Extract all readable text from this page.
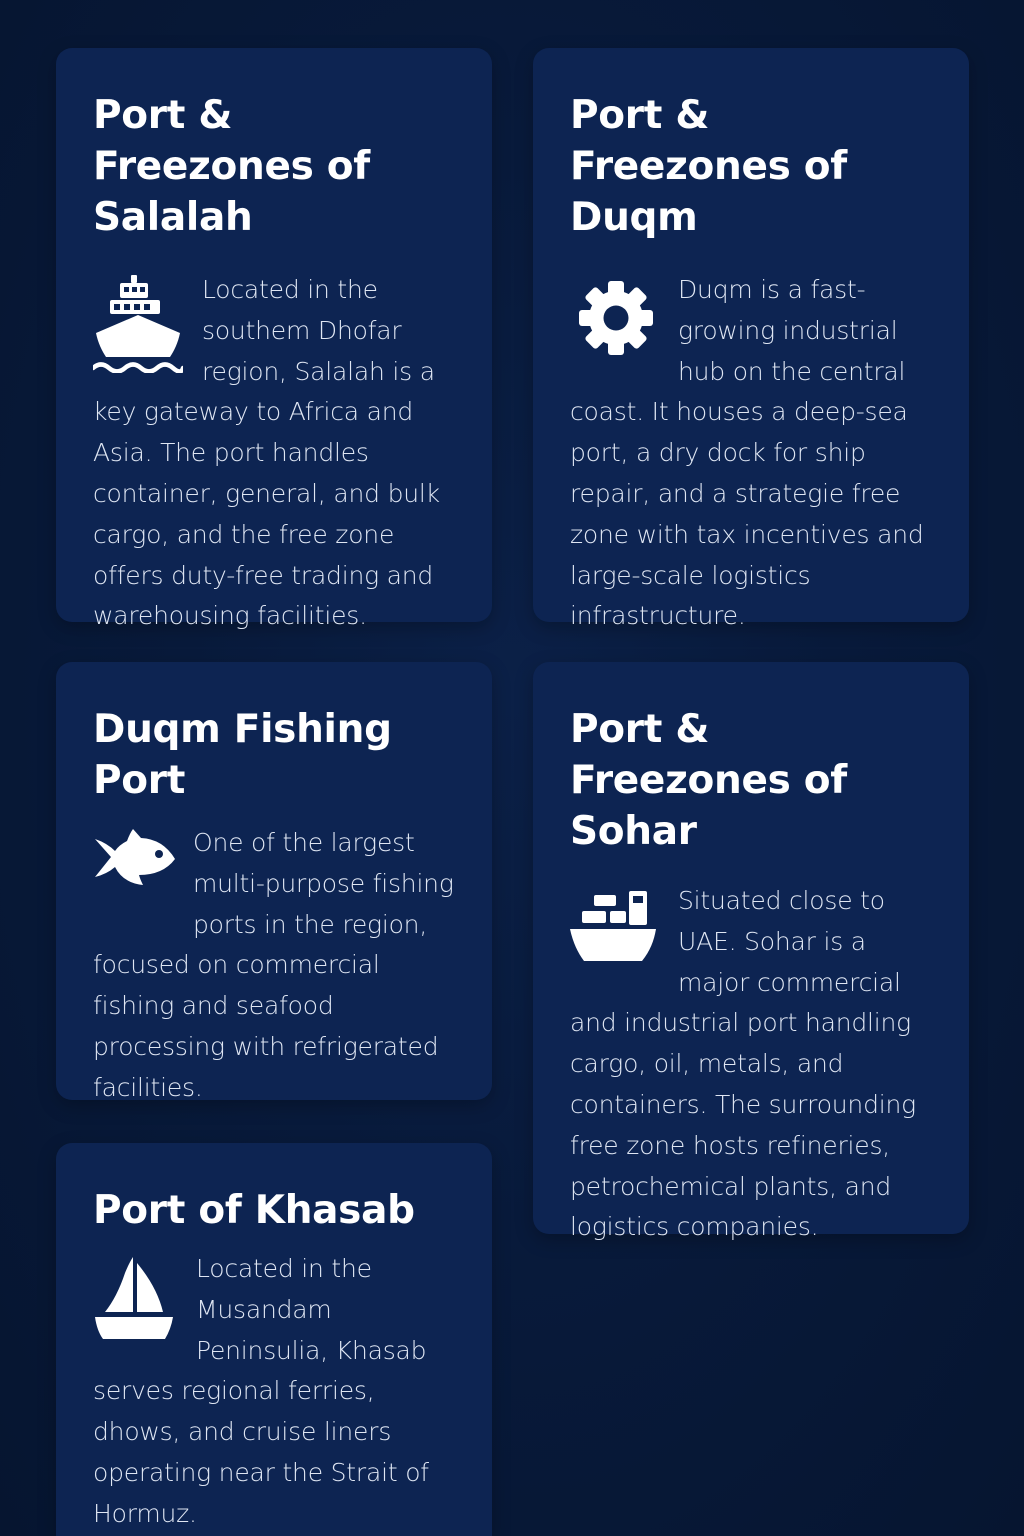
Port & Freezones of Salalah

Located in the southem Dhofar region, Salalah is a key gateway to Africa and Asia. The port handles container, general, and bulk cargo, and the free zone offers duty-free trading and warehousing facilities.

Port & Freezones of Duqm

Duqm is a fast-growing industrial hub on the central coast. It houses a deep-sea port, a dry dock for ship repair, and a strategie free zone with tax incentives and large-scale logistics infrastructure.

Duqm Fishing Port

One of the largest multi-purpose fishing ports in the region, focused on commercial fishing and seafood processing with refrigerated facilities.

Port & Freezones of Sohar

Situated close to UAE. Sohar is a major commercial and industrial port handling cargo, oil, metals, and containers. The surrounding free zone hosts refineries, petrochemical plants, and logistics companies.

Port of Khasab

Located in the Musandam Peninsulia, Khasab serves regional ferries, dhows, and cruise liners operating near the Strait of Hormuz.
